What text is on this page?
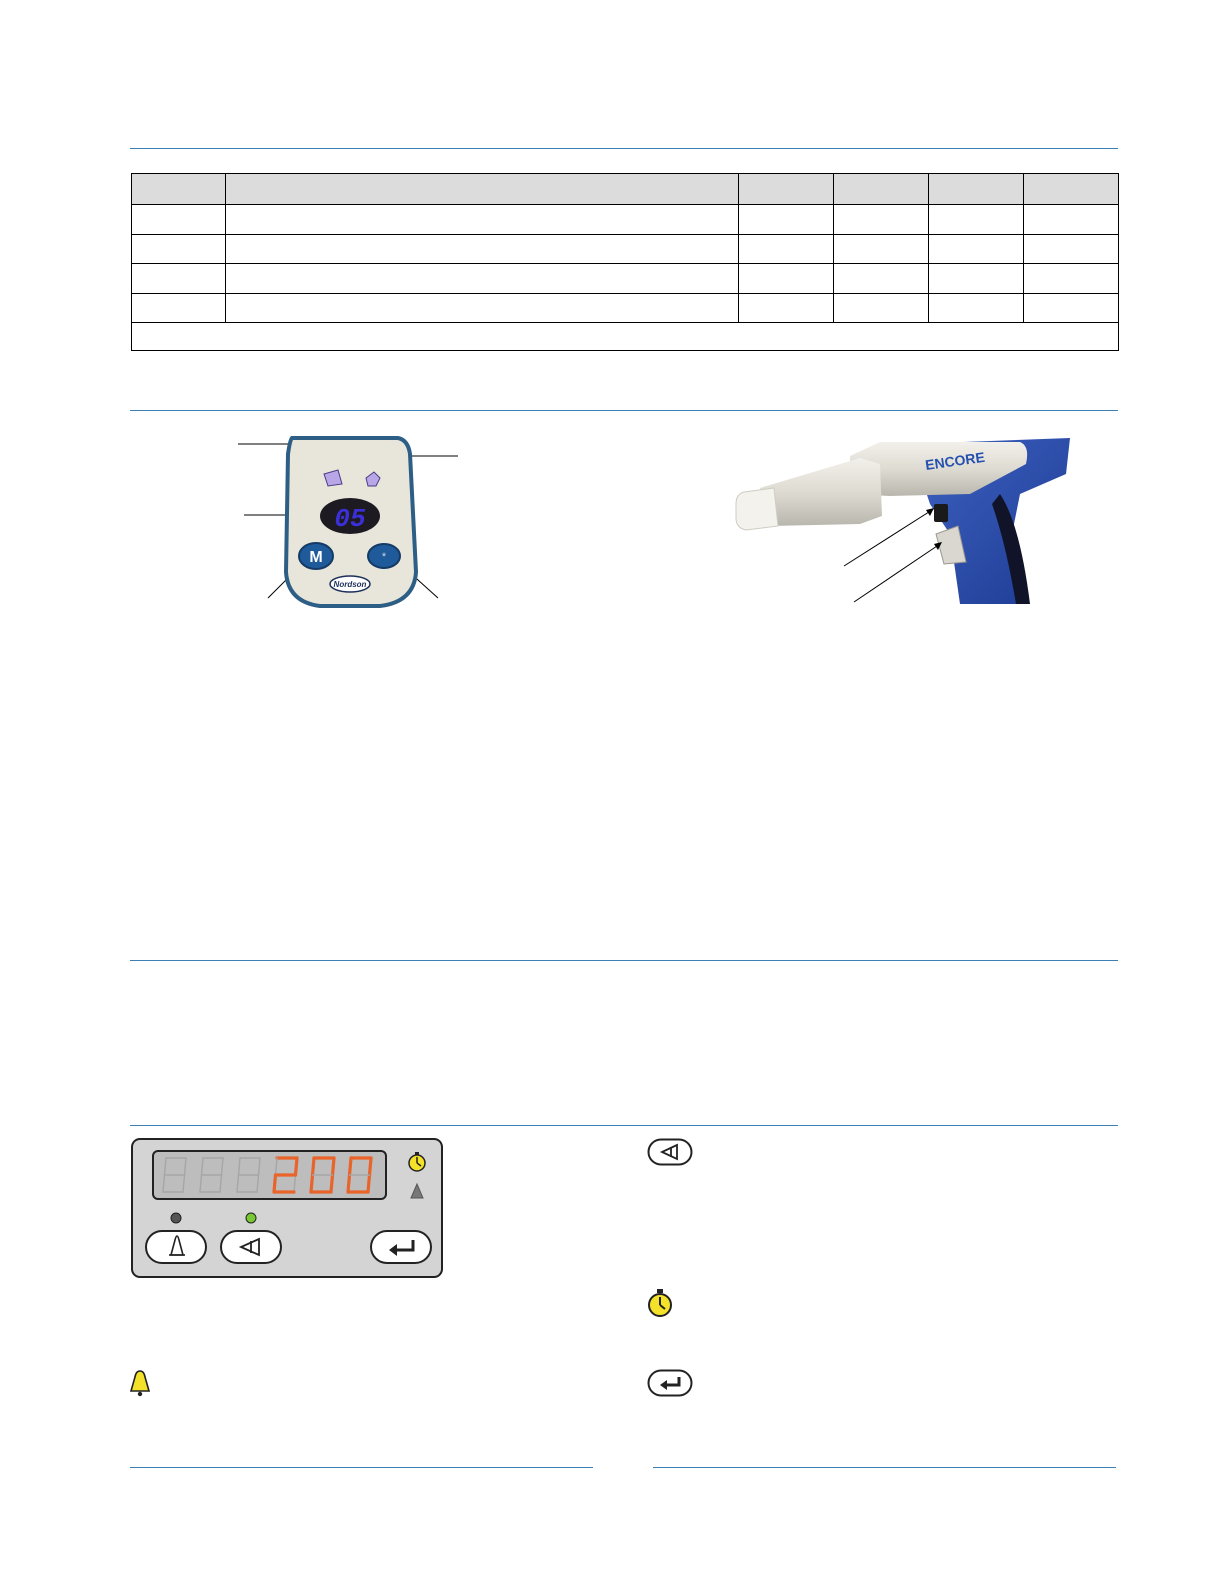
05
M	*
Nordson
ENCORE
